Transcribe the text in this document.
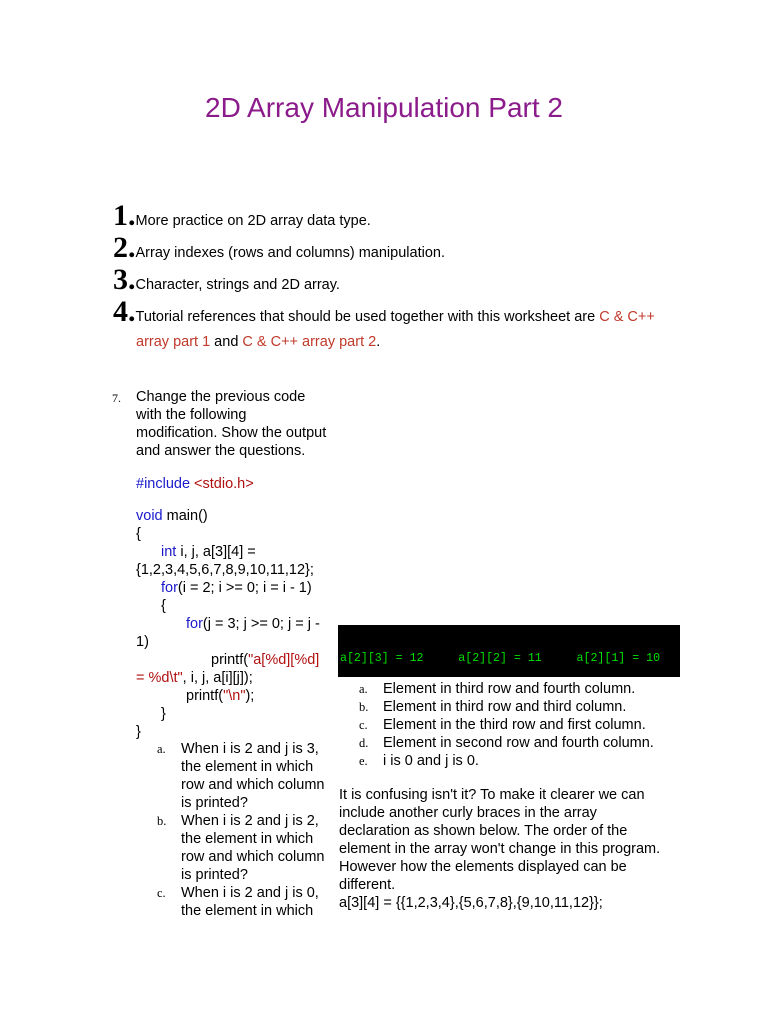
2D Array Manipulation Part 2
1.More practice on 2D array data type.
2.Array indexes (rows and columns) manipulation.
3.Character, strings and 2D array.
4.Tutorial references that should be used together with this worksheet are C & C++
array part 1 and C & C++ array part 2.
7. Change the previous code
with the following
modification. Show the output
and answer the questions.
#include <stdio.h>
void main()
{
int i, j, a[3][4] =
{1,2,3,4,5,6,7,8,9,10,11,12};
for(i = 2; i >= 0; i = i - 1)
{
for(j = 3; j >= 0; j = j -
1)
printf("a[%d][%d]
= %d\t", i, j, a[i][j]);
printf("\n");
}
}
a.	When i is 2 and j is 3,
the element in which
row and which column
is printed?
b.	When i is 2 and j is 2,
the element in which
row and which column
is printed?
c.	When i is 2 and j is 0,
the element in which

a[2][3] = 12     a[2][2] = 11     a[2][1] = 10

a. Element in third row and fourth column.
b. Element in third row and third column.
c. Element in the third row and first column.
d. Element in second row and fourth column.
e. i is 0 and j is 0.
It is confusing isn't it? To make it clearer we can
include another curly braces in the array
declaration as shown below. The order of the
element in the array won't change in this program.
However how the elements displayed can be
different.
a[3][4] = {{1,2,3,4},{5,6,7,8},{9,10,11,12}};
